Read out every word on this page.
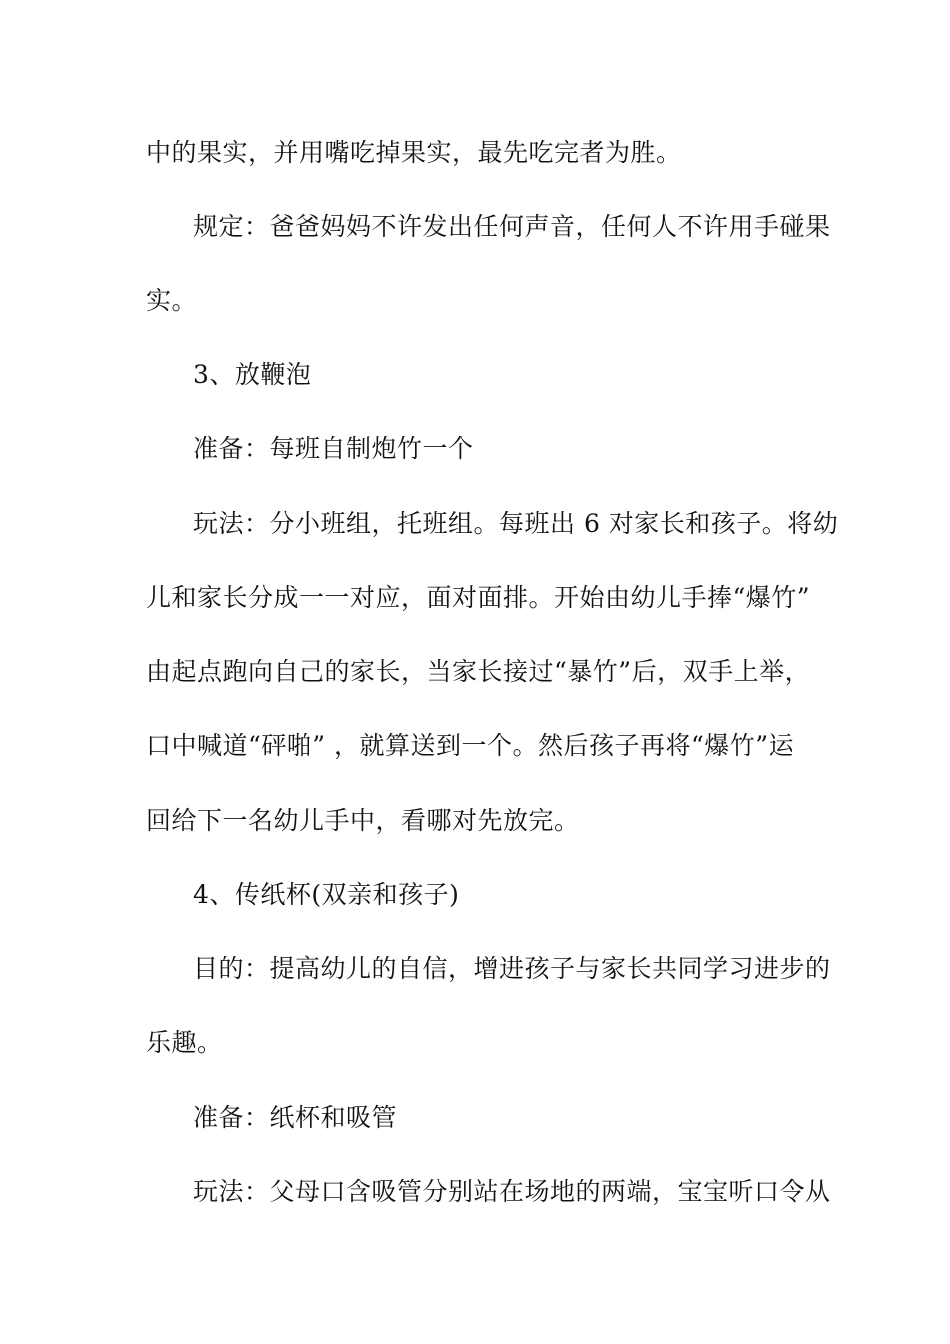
中的果实，并用嘴吃掉果实，最先吃完者为胜。
规定：爸爸妈妈不许发出任何声音，任何人不许用手碰果
实。
3、放鞭泡
准备：每班自制炮竹一个
玩法：分小班组，托班组。每班出 6 对家长和孩子。将幼
儿和家长分成一一对应，面对面排。开始由幼儿手捧“爆竹”
由起点跑向自己的家长，当家长接过“暴竹”后，双手上举，
口中喊道“砰啪” ，就算送到一个。然后孩子再将“爆竹”运
回给下一名幼儿手中，看哪对先放完。
4、传纸杯(双亲和孩子)
目的：提高幼儿的自信，增进孩子与家长共同学习进步的
乐趣。
准备：纸杯和吸管
玩法：父母口含吸管分别站在场地的两端，宝宝听口令从
